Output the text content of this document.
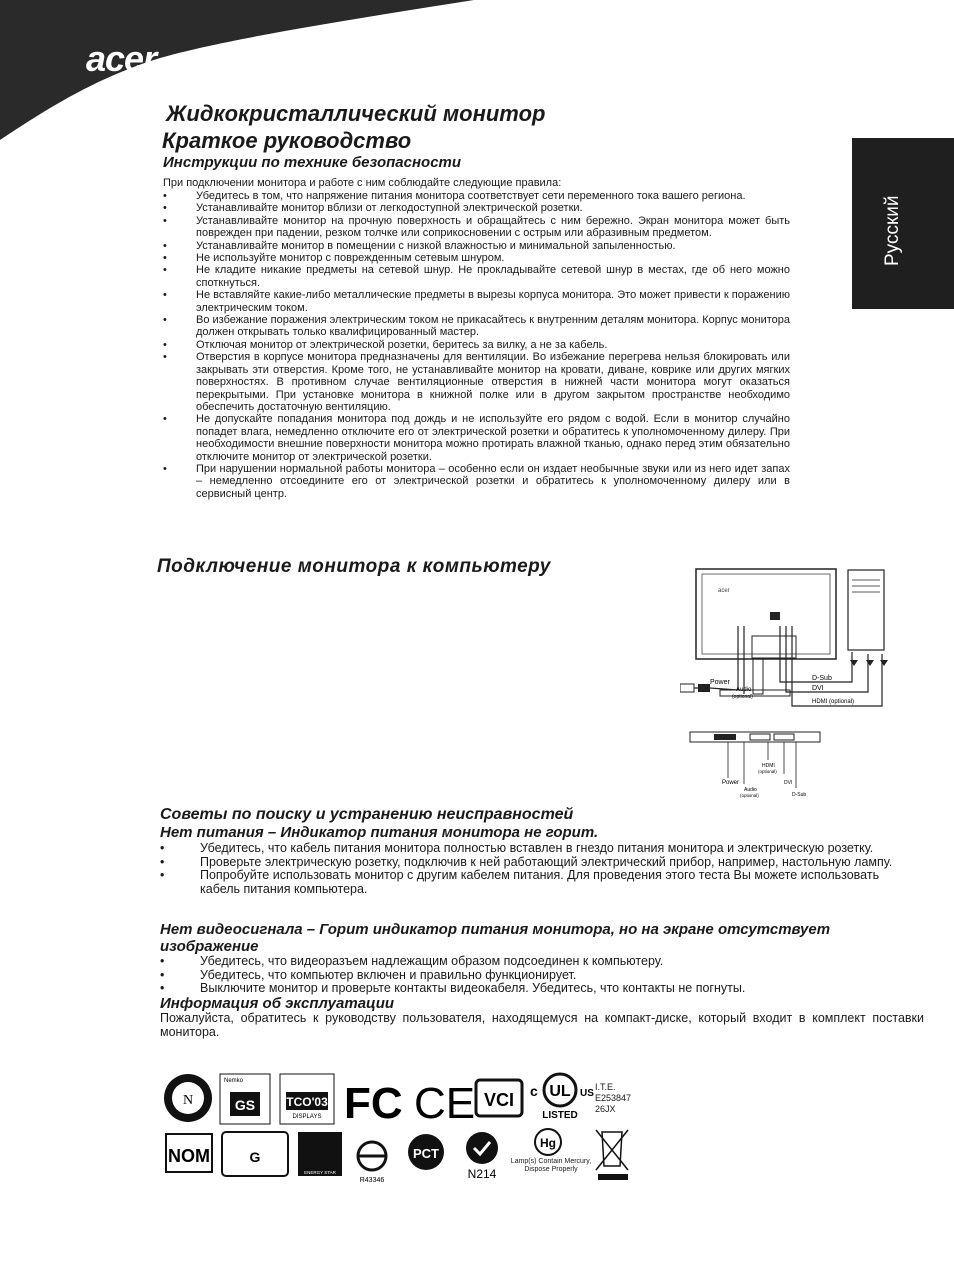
acer
Русский
Жидкокристаллический монитор
Краткое руководство
Инструкции по технике безопасности
При подключении монитора и работе с ним соблюдайте следующие правила:
• Убедитесь в том, что напряжение питания монитора соответствует сети переменного тока вашего региона.
• Устанавливайте монитор вблизи от легкодоступной электрической розетки.
• Устанавливайте монитор на прочную поверхность и обращайтесь с ним бережно. Экран монитора может быть поврежден при падении, резком толчке или соприкосновении с острым или абразивным предметом.
• Устанавливайте монитор в помещении с низкой влажностью и минимальной запыленностью.
• Не используйте монитор с поврежденным сетевым шнуром.
• Не кладите никакие предметы на сетевой шнур. Не прокладывайте сетевой шнур в местах, где об него можно споткнуться.
• Не вставляйте какие-либо металлические предметы в вырезы корпуса монитора. Это может привести к поражению электрическим током.
• Во избежание поражения электрическим током не прикасайтесь к внутренним деталям монитора. Корпус монитора должен открывать только квалифицированный мастер.
• Отключая монитор от электрической розетки, беритесь за вилку, а не за кабель.
• Отверстия в корпусе монитора предназначены для вентиляции. Во избежание перегрева нельзя блокировать или закрывать эти отверстия. Кроме того, не устанавливайте монитор на кровати, диване, коврике или других мягких поверхностях. В противном случае вентиляционные отверстия в нижней части монитора могут оказаться перекрытыми. При установке монитора в книжной полке или в другом закрытом пространстве необходимо обеспечить достаточную вентиляцию.
• Не допускайте попадания монитора под дождь и не используйте его рядом с водой. Если в монитор случайно попадет влага, немедленно отключите его от электрической розетки и обратитесь к уполномоченному дилеру. При необходимости внешние поверхности монитора можно протирать влажной тканью, однако перед этим обязательно отключите монитор от электрической розетки.
• При нарушении нормальной работы монитора – особенно если он издает необычные звуки или из него идет запах – немедленно отсоедините его от электрической розетки и обратитесь к уполномоченному дилеру или в сервисный центр.
Подключение монитора к компьютеру
acer
Power
Audio
(optional)
D-Sub
DVI
HDMI (optional)
Power
Audio
(optional)
HDMI
(optional)
DVI
D-Sub
Советы по поиску и устранению неисправностей
Нет питания – Индикатор питания монитора не горит.
• Убедитесь, что кабель питания монитора полностью вставлен в гнездо питания монитора и электрическую розетку.
• Проверьте электрическую розетку, подключив к ней работающий электрический прибор, например, настольную лампу.
• Попробуйте использовать монитор с другим кабелем питания. Для проведения этого теста Вы можете использовать кабель питания компьютера.
Нет видеосигнала – Горит индикатор питания монитора, но на экране отсутствует изображение
• Убедитесь, что видеоразъем надлежащим образом подсоединен к компьютеру.
• Убедитесь, что компьютер включен и правильно функционирует.
• Выключите монитор и проверьте контакты видеокабеля. Убедитесь, что контакты не погнуты.
Информация об эксплуатации
Пожалуйста, обратитесь к руководству пользователя, находящемуся на компакт-диске, который входит в комплект поставки монитора.
N
Nemko
GS	TCO'03
DISPLAYS FC CE VCI UL
c	US
LISTED
I.T.E.
E253847
26JX
NOM	G
ENERGY STAR
R43346
PCT
N214
Hg
Lamp(s) Contain Mercury, Dispose Properly
